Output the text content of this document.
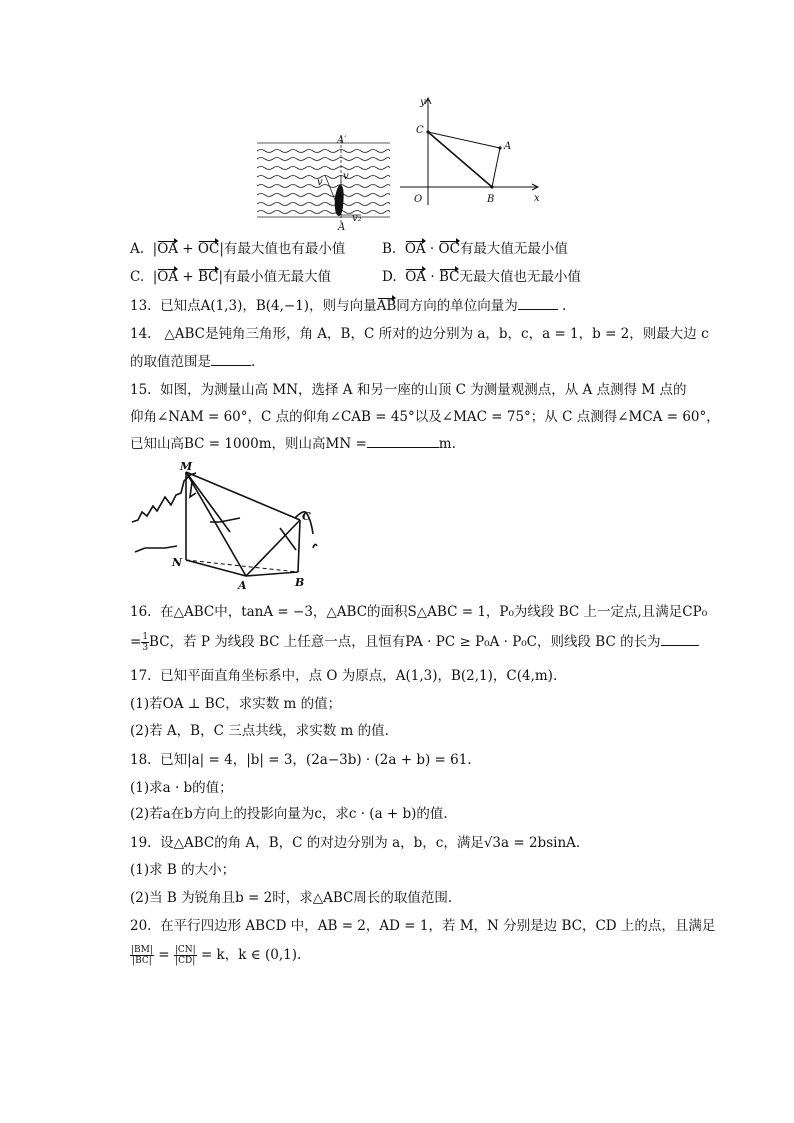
A′
A
v
v
v₂
y
x
O
A
B
C
A.  |OA + OC|有最大值也有最小值	B. OA · OC有最大值无最小值
C.  |OA + BC|有最小值无最大值	D. OA · BC无最大值也无最小值
13. 已知点A(1,3)，B(4,−1)，则与向量AB同方向的单位向量为	.
14. △ABC是钝角三角形，角 A，B，C 所对的边分别为 a，b，c，a = 1，b = 2，则最大边 c
的取值范围是	.
15. 如图，为测量山高 MN，选择 A 和另一座的山顶 C 为测量观测点，从 A 点测得 M 点的
仰角∠NAM = 60°，C 点的仰角∠CAB = 45°以及∠MAC = 75°；从 C 点测得∠MCA = 60°，
已知山高BC = 1000m，则山高MN =	m.
M
N
C
A	B
16. 在△ABC中，tanA = −3，△ABC的面积S△ABC = 1，P₀为线段 BC 上一定点,且满足CP₀
= $\frac{1}{3}$ BC，若 P 为线段 BC 上任意一点，且恒有PA · PC ≥ P₀A · P₀C，则线段 BC 的长为
17. 已知平面直角坐标系中，点 O 为原点，A(1,3)，B(2,1)，C(4,m).
(1)若OA ⊥ BC，求实数 m 的值；
(2)若 A，B，C 三点共线，求实数 m 的值.
18. 已知|a| = 4，|b| = 3，(2a−3b) · (2a + b) = 61.
(1)求a · b的值；
(2)若a在b方向上的投影向量为c，求c · (a + b)的值.
19. 设△ABC的角 A，B，C 的对边分别为 a，b，c，满足√3a = 2bsinA.
(1)求 B 的大小；
(2)当 B 为锐角且b = 2时，求△ABC周长的取值范围.
20. 在平行四边形 ABCD 中，AB = 2，AD = 1，若 M，N 分别是边 BC，CD 上的点，且满足
$\frac{|BM|}{|BC|} = \frac{|CN|}{|CD|} = k$，k ∈ (0,1).
